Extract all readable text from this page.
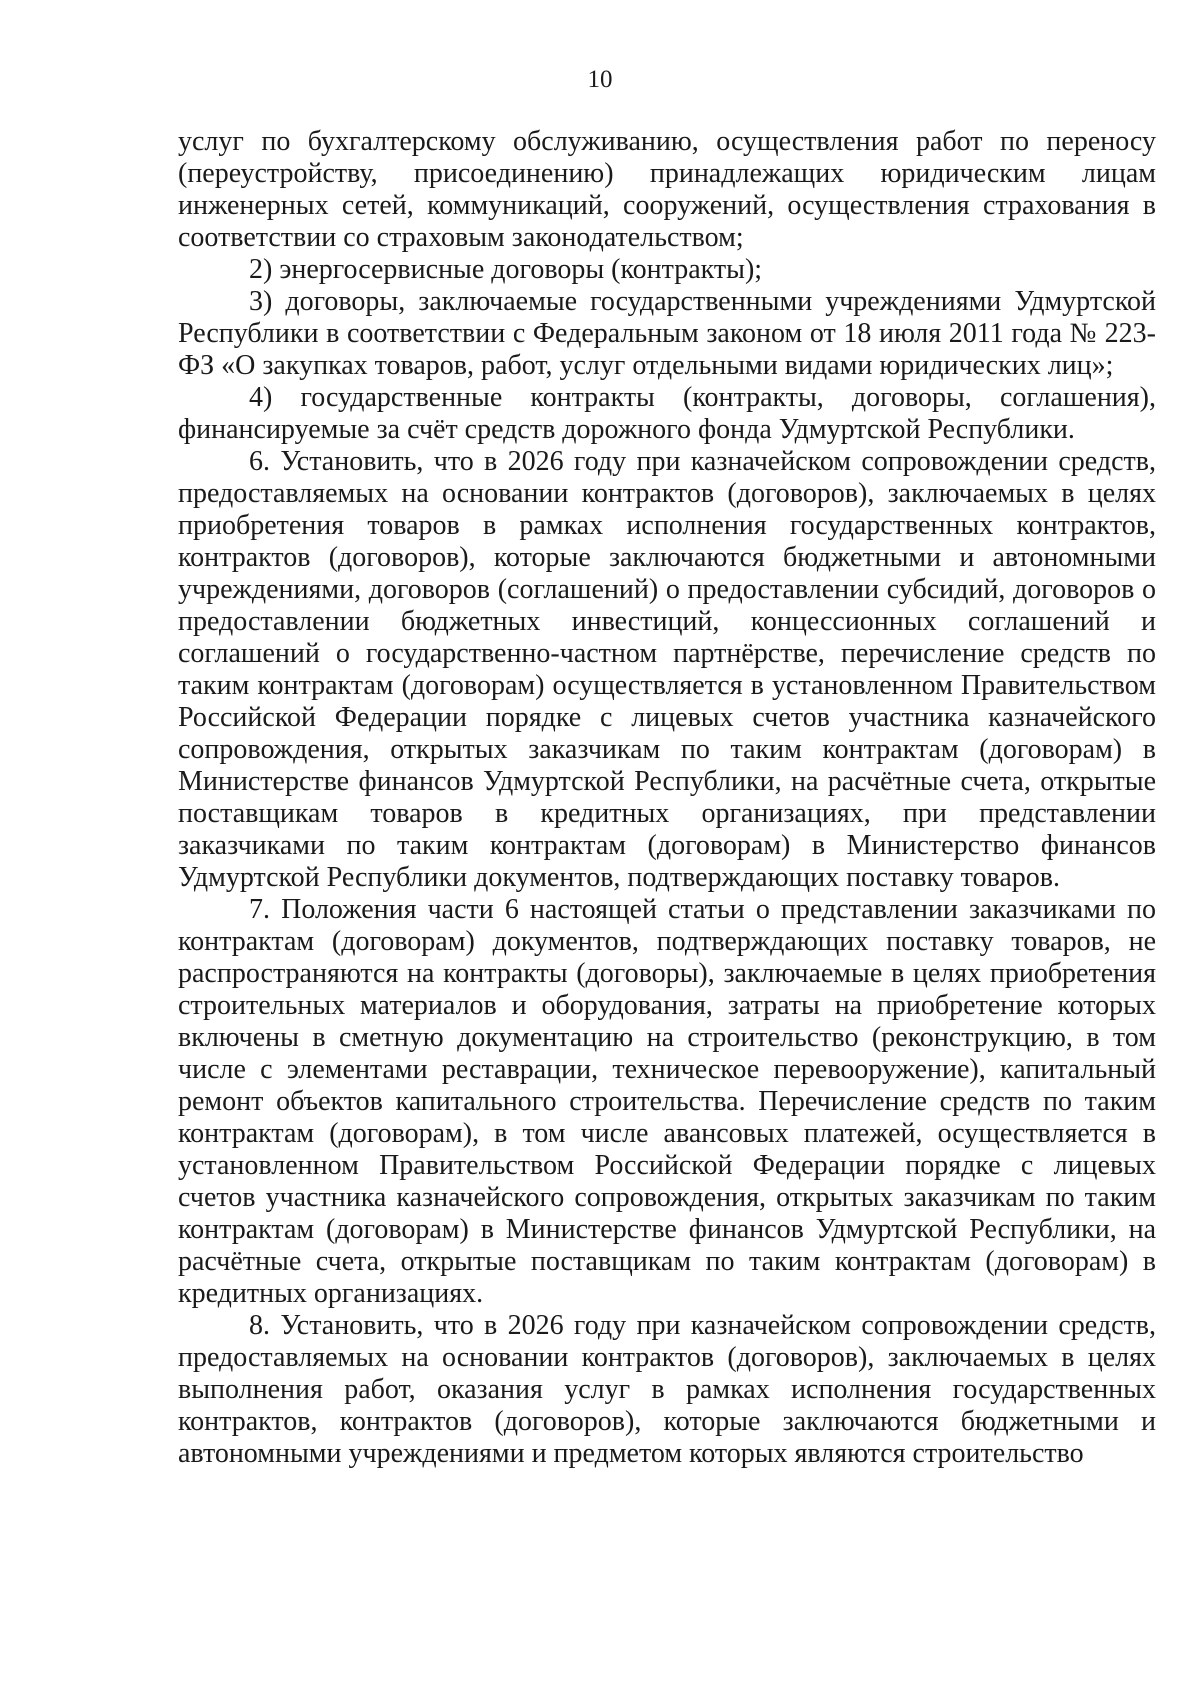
10

услуг по бухгалтерскому обслуживанию, осуществления работ по переносу (переустройству, присоединению) принадлежащих юридическим лицам инженерных сетей, коммуникаций, сооружений, осуществления страхования в соответствии со страховым законодательством;

2) энергосервисные договоры (контракты);

3) договоры, заключаемые государственными учреждениями Удмуртской Республики в соответствии с Федеральным законом от 18 июля 2011 года № 223-ФЗ «О закупках товаров, работ, услуг отдельными видами юридических лиц»;

4) государственные контракты (контракты, договоры, соглашения), финансируемые за счёт средств дорожного фонда Удмуртской Республики.

6. Установить, что в 2026 году при казначейском сопровождении средств, предоставляемых на основании контрактов (договоров), заключаемых в целях приобретения товаров в рамках исполнения государственных контрактов, контрактов (договоров), которые заключаются бюджетными и автономными учреждениями, договоров (соглашений) о предоставлении субсидий, договоров о предоставлении бюджетных инвестиций, концессионных соглашений и соглашений о государственно-частном партнёрстве, перечисление средств по таким контрактам (договорам) осуществляется в установленном Правительством Российской Федерации порядке с лицевых счетов участника казначейского сопровождения, открытых заказчикам по таким контрактам (договорам) в Министерстве финансов Удмуртской Республики, на расчётные счета, открытые поставщикам товаров в кредитных организациях, при представлении заказчиками по таким контрактам (договорам) в Министерство финансов Удмуртской Республики документов, подтверждающих поставку товаров.

7. Положения части 6 настоящей статьи о представлении заказчиками по контрактам (договорам) документов, подтверждающих поставку товаров, не распространяются на контракты (договоры), заключаемые в целях приобретения строительных материалов и оборудования, затраты на приобретение которых включены в сметную документацию на строительство (реконструкцию, в том числе с элементами реставрации, техническое перевооружение), капитальный ремонт объектов капитального строительства. Перечисление средств по таким контрактам (договорам), в том числе авансовых платежей, осуществляется в установленном Правительством Российской Федерации порядке с лицевых счетов участника казначейского сопровождения, открытых заказчикам по таким контрактам (договорам) в Министерстве финансов Удмуртской Республики, на расчётные счета, открытые поставщикам по таким контрактам (договорам) в кредитных организациях.

8. Установить, что в 2026 году при казначейском сопровождении средств, предоставляемых на основании контрактов (договоров), заключаемых в целях выполнения работ, оказания услуг в рамках исполнения государственных контрактов, контрактов (договоров), которые заключаются бюджетными и автономными учреждениями и предметом которых являются строительство
